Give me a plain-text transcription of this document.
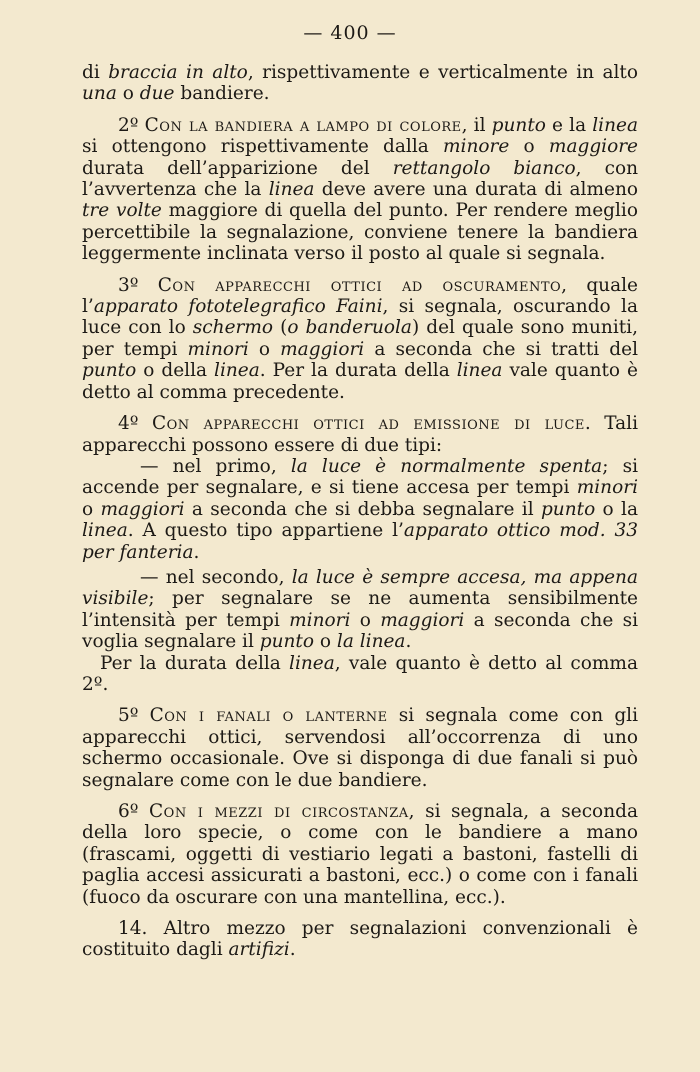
— 400 —

di braccia in alto, rispettivamente e verticalmente in alto una o due bandiere.

2º Con la bandiera a lampo di colore, il punto e la linea si ottengono rispettivamente dalla minore o maggiore durata dell’apparizione del rettangolo bianco, con l’avvertenza che la linea deve avere una durata di almeno tre volte maggiore di quella del punto. Per rendere meglio percettibile la segnalazione, conviene tenere la bandiera leggermente inclinata verso il posto al quale si segnala.

3º Con apparecchi ottici ad oscuramento, quale l’apparato fototelegrafico Faini, si segnala, oscurando la luce con lo schermo (o banderuola) del quale sono muniti, per tempi minori o maggiori a seconda che si tratti del punto o della linea. Per la durata della linea vale quanto è detto al comma precedente.

4º Con apparecchi ottici ad emissione di luce. Tali apparecchi possono essere di due tipi:

— nel primo, la luce è normalmente spenta; si accende per segnalare, e si tiene accesa per tempi minori o maggiori a seconda che si debba segnalare il punto o la linea. A questo tipo appartiene l’apparato ottico mod. 33 per fanteria.

— nel secondo, la luce è sempre accesa, ma appena visibile; per segnalare se ne aumenta sensibilmente l’intensità per tempi minori o maggiori a seconda che si voglia segnalare il punto o la linea.

Per la durata della linea, vale quanto è detto al comma 2º.

5º Con i fanali o lanterne si segnala come con gli apparecchi ottici, servendosi all’occorrenza di uno schermo occasionale. Ove si disponga di due fanali si può segnalare come con le due bandiere.

6º Con i mezzi di circostanza, si segnala, a seconda della loro specie, o come con le bandiere a mano (frascami, oggetti di vestiario legati a bastoni, fastelli di paglia accesi assicurati a bastoni, ecc.) o come con i fanali (fuoco da oscurare con una mantellina, ecc.).

14. Altro mezzo per segnalazioni convenzionali è costituito dagli artifizi.
